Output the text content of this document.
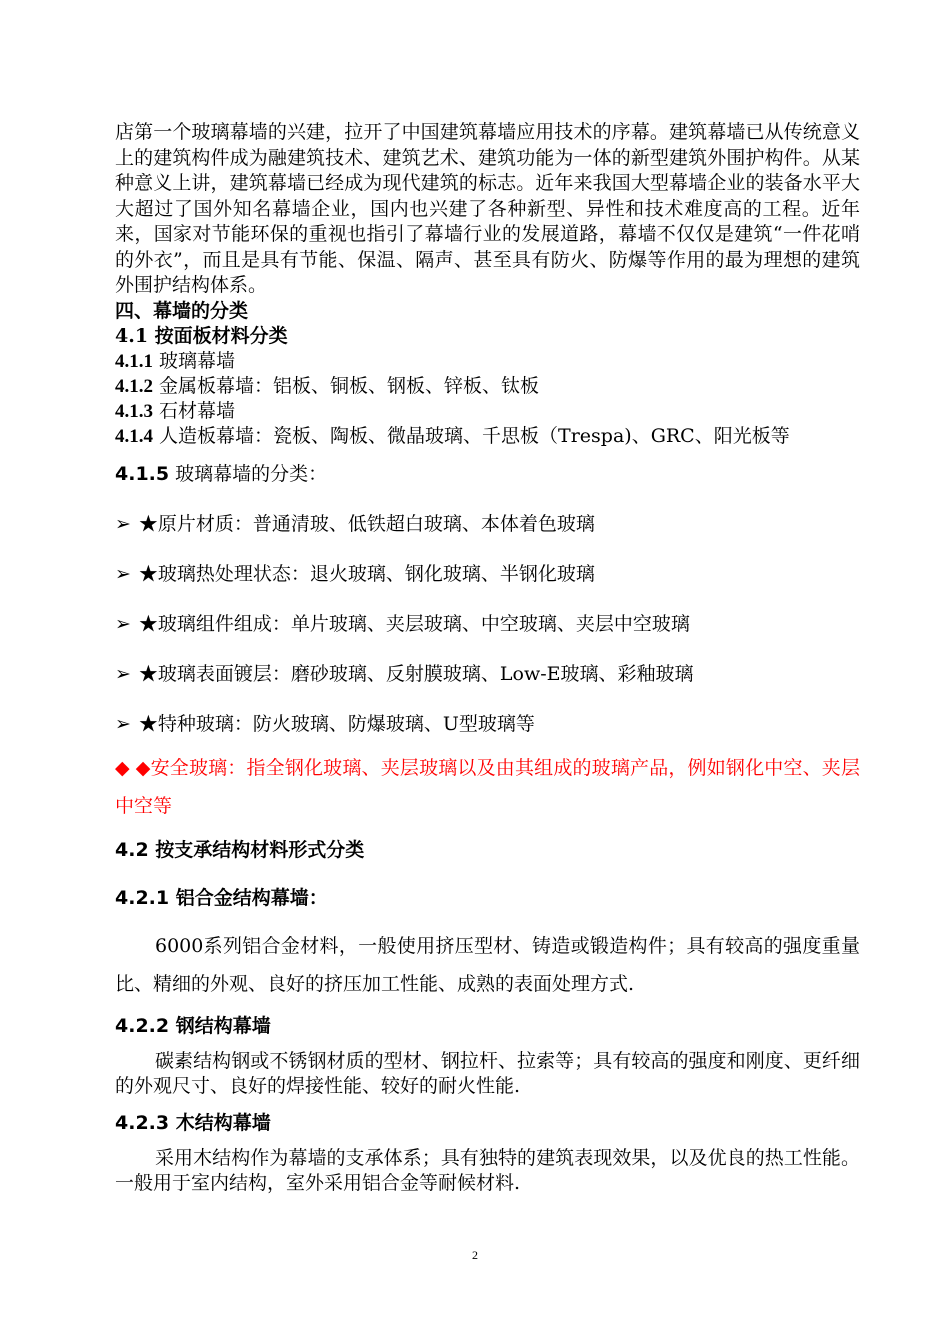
店第一个玻璃幕墙的兴建，拉开了中国建筑幕墙应用技术的序幕。建筑幕墙已从传统意义上的建筑构件成为融建筑技术、建筑艺术、建筑功能为一体的新型建筑外围护构件。从某种意义上讲，建筑幕墙已经成为现代建筑的标志。近年来我国大型幕墙企业的装备水平大大超过了国外知名幕墙企业，国内也兴建了各种新型、异性和技术难度高的工程。近年来，国家对节能环保的重视也指引了幕墙行业的发展道路，幕墙不仅仅是建筑“一件花哨的外衣”，而且是具有节能、保温、隔声、甚至具有防火、防爆等作用的最为理想的建筑外围护结构体系。

四、幕墙的分类

4.1 按面板材料分类

4.1.1 玻璃幕墙

4.1.2 金属板幕墙：铝板、铜板、钢板、锌板、钛板

4.1.3 石材幕墙

4.1.4 人造板幕墙：瓷板、陶板、微晶玻璃、千思板（Trespa)、GRC、阳光板等

4.1.5 玻璃幕墙的分类：

➢ ★原片材质：普通清玻、低铁超白玻璃、本体着色玻璃

➢ ★玻璃热处理状态：退火玻璃、钢化玻璃、半钢化玻璃

➢ ★玻璃组件组成：单片玻璃、夹层玻璃、中空玻璃、夹层中空玻璃

➢ ★玻璃表面镀层：磨砂玻璃、反射膜玻璃、Low-E玻璃、彩釉玻璃

➢ ★特种玻璃：防火玻璃、防爆玻璃、U型玻璃等

◆ ◆安全玻璃：指全钢化玻璃、夹层玻璃以及由其组成的玻璃产品，例如钢化中空、夹层中空等

4.2 按支承结构材料形式分类

4.2.1 铝合金结构幕墙：

6000系列铝合金材料，一般使用挤压型材、铸造或锻造构件；具有较高的强度重量比、精细的外观、良好的挤压加工性能、成熟的表面处理方式.

4.2.2 钢结构幕墙

碳素结构钢或不锈钢材质的型材、钢拉杆、拉索等；具有较高的强度和刚度、更纤细的外观尺寸、良好的焊接性能、较好的耐火性能.

4.2.3 木结构幕墙

采用木结构作为幕墙的支承体系；具有独特的建筑表现效果，以及优良的热工性能。一般用于室内结构，室外采用铝合金等耐候材料.

2
